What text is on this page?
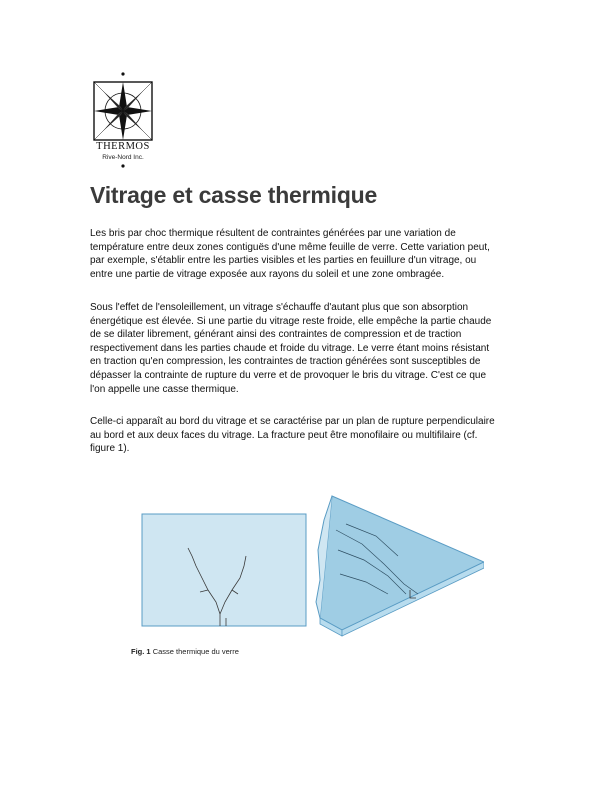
THERMOS
Rive-Nord Inc.
Vitrage et casse thermique

Les bris par choc thermique résultent de contraintes générées par une variation de température entre deux zones contiguës d'une même feuille de verre. Cette variation peut, par exemple, s'établir entre les parties visibles et les parties en feuillure d'un vitrage, ou entre une partie de vitrage exposée aux rayons du soleil et une zone ombragée.

Sous l'effet de l'ensoleillement, un vitrage s'échauffe d'autant plus que son absorption énergétique est élevée. Si une partie du vitrage reste froide, elle empêche la partie chaude de se dilater librement, générant ainsi des contraintes de compression et de traction respectivement dans les parties chaude et froide du vitrage. Le verre étant moins résistant en traction qu'en compression, les contraintes de traction générées sont susceptibles de dépasser la contrainte de rupture du verre et de provoquer le bris du vitrage. C'est ce que l'on appelle une casse thermique.

Celle-ci apparaît au bord du vitrage et se caractérise par un plan de rupture perpendiculaire au bord et aux deux faces du vitrage. La fracture peut être monofilaire ou multifilaire (cf. figure 1).

Fig. 1 Casse thermique du verre
